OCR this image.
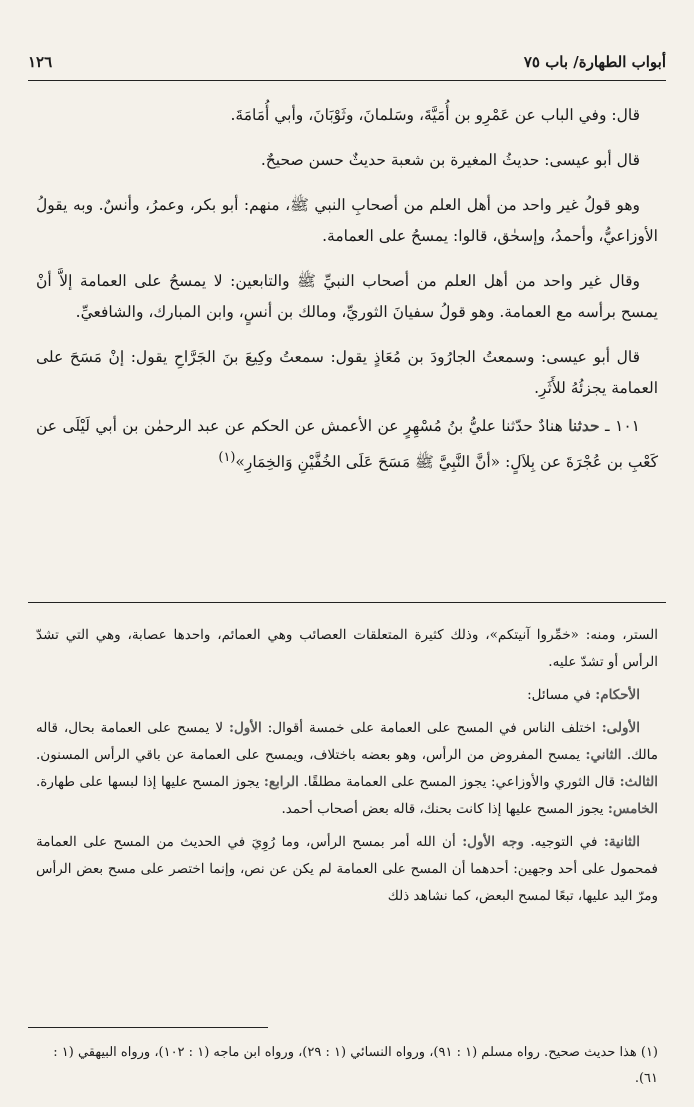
أبواب الطهارة/ باب ٧٥
١٢٦

قال: وفي الباب عن عَمْرِو بن أُمَيَّةَ، وسَلمانَ، وثَوْبَانَ، وأبي أُمَامَةَ.

قال أبو عيسى: حديثُ المغيرة بن شعبة حديثٌ حسن صحيحٌ.

وهو قولُ غير واحد من أهل العلم من أصحابِ النبي ﷺ، منهم: أبو بكر، وعمرُ، وأنسٌ. وبه يقولُ الأوزاعيُّ، وأحمدُ، وإسحٰق، قالوا: يمسحُ على العمامة.

وقال غير واحد من أهل العلم من أصحاب النبيِّ ﷺ والتابعين: لا يمسحُ على العمامة إلاَّ أنْ يمسح برأسه مع العمامة. وهو قولُ سفيانَ الثوريِّ، ومالك بن أنسٍ، وابن المبارك، والشافعيِّ.

قال أبو عيسى: وسمعتُ الجارُودَ بن مُعَاذٍ يقول: سمعتُ وكِيعَ بنَ الجَرَّاحِ يقول: إنْ مَسَحَ على العمامة يجزئُهُ للأَثَرِ.

١٠١ ـ حدثنا هنادٌ حدّثنا عليُّ بنُ مُسْهِرٍ عن الأعمش عن الحكم عن عبد الرحمٰن بن أبي لَيْلَى عن كَعْبِ بن عُجْرَةَ عن بِلاَلٍ: «أنَّ النَّبِيَّ ﷺ مَسَحَ عَلَى الخُفَّيْنِ وَالخِمَارِ»$^{(١)}$

الستر، ومنه: «خمِّروا آنيتكم»، وذلك كثيرة المتعلقات العصائب وهي العمائم، واحدها عصابة، وهي التي تشدّ الرأس أو تشدّ عليه.

الأحكام: في مسائل:

الأولى: اختلف الناس في المسح على العمامة على خمسة أقوال: الأول: لا يمسح على العمامة بحال، قاله مالك. الثاني: يمسح المفروض من الرأس، وهو بعضه باختلاف، ويمسح على العمامة عن باقي الرأس المسنون. الثالث: قال الثوري والأوزاعي: يجوز المسح على العمامة مطلقًا. الرابع: يجوز المسح عليها إذا لبسها على طهارة. الخامس: يجوز المسح عليها إذا كانت بحنك، قاله بعض أصحاب أحمد.

الثانية: في التوجيه. وجه الأول: أن الله أمر بمسح الرأس، وما رُوِيَ في الحديث من المسح على العمامة فمحمول على أحد وجهين: أحدهما أن المسح على العمامة لم يكن عن نص، وإنما اختصر على مسح بعض الرأس ومرّ اليد عليها، تبعًا لمسح البعض، كما نشاهد ذلك

(١) هذا حديث صحيح. رواه مسلم (١ : ٩١)، ورواه النسائي (١ : ٢٩)، ورواه ابن ماجه (١ : ١٠٢)، ورواه البيهقي (١ : ٦١).
